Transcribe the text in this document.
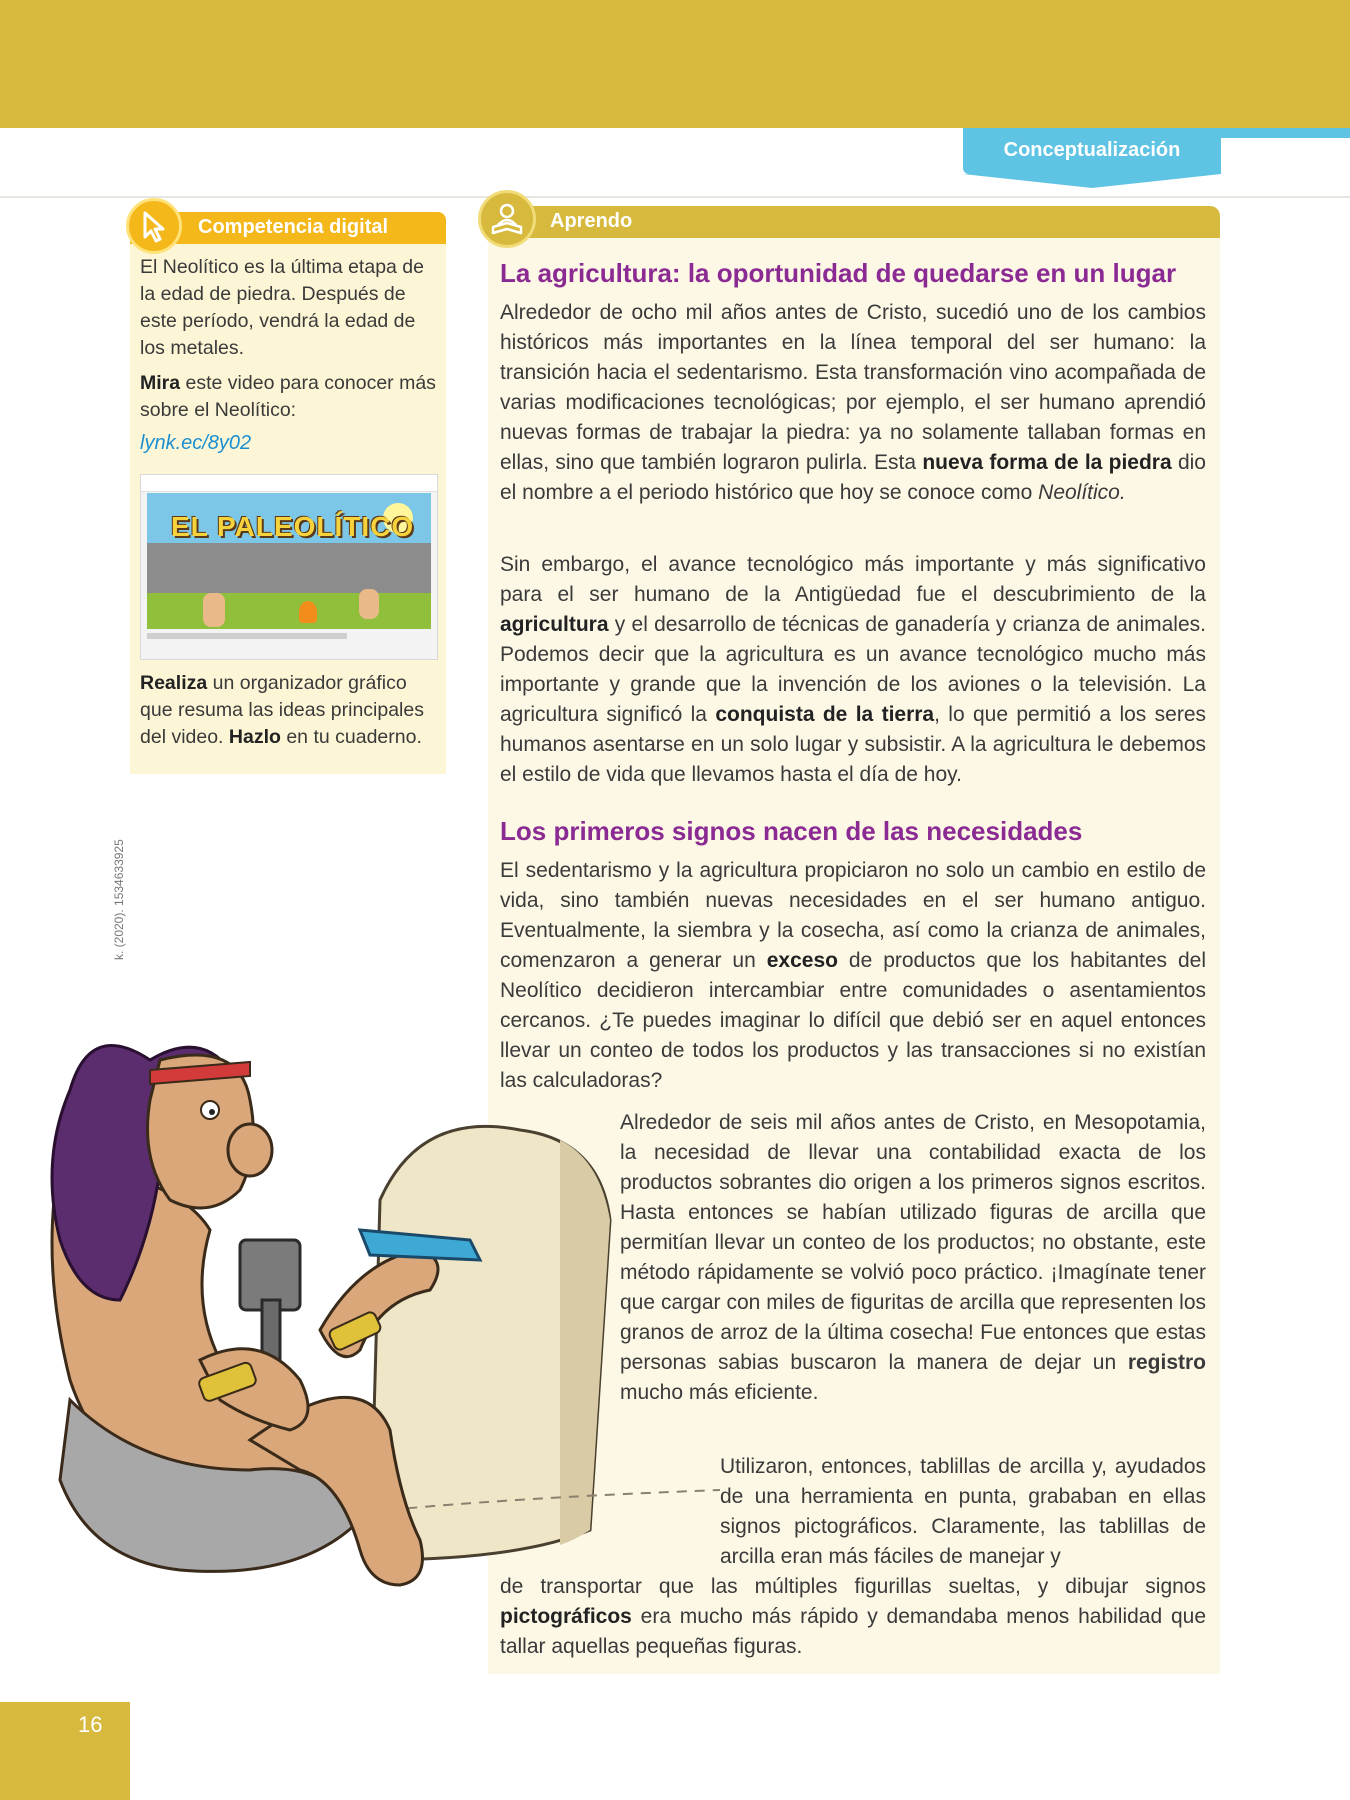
Conceptualización
Competencia digital
El Neolítico es la última etapa de la edad de piedra. Después de este período, vendrá la edad de los metales.
Mira este video para conocer más sobre el Neolítico:
lynk.ec/8y02
EL PALEOLÍTICO
Realiza un organizador gráfico que resuma las ideas principales del video. Hazlo en tu cuaderno.
Aprendo
La agricultura: la oportunidad de quedarse en un lugar
Alrededor de ocho mil años antes de Cristo, sucedió uno de los cambios históricos más importantes en la línea temporal del ser humano: la transición hacia el sedentarismo. Esta transformación vino acompañada de varias modificaciones tecnológicas; por ejemplo, el ser humano aprendió nuevas formas de trabajar la piedra: ya no solamente tallaban formas en ellas, sino que también lograron pulirla. Esta nueva forma de la piedra dio el nombre a el periodo histórico que hoy se conoce como Neolítico.
Sin embargo, el avance tecnológico más importante y más significativo para el ser humano de la Antigüedad fue el descubrimiento de la agricultura y el desarrollo de técnicas de ganadería y crianza de animales. Podemos decir que la agricultura es un avance tecnológico mucho más importante y grande que la invención de los aviones o la televisión. La agricultura significó la conquista de la tierra, lo que permitió a los seres humanos asentarse en un solo lugar y subsistir. A la agricultura le debemos el estilo de vida que llevamos hasta el día de hoy.
Los primeros signos nacen de las necesidades
El sedentarismo y la agricultura propiciaron no solo un cambio en estilo de vida, sino también nuevas necesidades en el ser humano antiguo. Eventualmente, la siembra y la cosecha, así como la crianza de animales, comenzaron a generar un exceso de productos que los habitantes del Neolítico decidieron intercambiar entre comunidades o asentamientos cercanos. ¿Te puedes imaginar lo difícil que debió ser en aquel entonces llevar un conteo de todos los productos y las transacciones si no existían las calculadoras?
Alrededor de seis mil años antes de Cristo, en Mesopotamia, la necesidad de llevar una contabilidad exacta de los productos sobrantes dio origen a los primeros signos escritos. Hasta entonces se habían utilizado figuras de arcilla que permitían llevar un conteo de los productos; no obstante, este método rápidamente se volvió poco práctico. ¡Imagínate tener que cargar con miles de figuritas de arcilla que representen los granos de arroz de la última cosecha! Fue entonces que estas personas sabias buscaron la manera de dejar un registro mucho más eficiente.
Utilizaron, entonces, tablillas de arcilla y, ayudados de una herramienta en punta, grababan en ellas signos pictográficos. Claramente, las tablillas de arcilla eran más fáciles de manejar y
de transportar que las múltiples figurillas sueltas, y dibujar signos pictográficos era mucho más rápido y demandaba menos habilidad que tallar aquellas pequeñas figuras.
k. (2020). 1534633925
16
